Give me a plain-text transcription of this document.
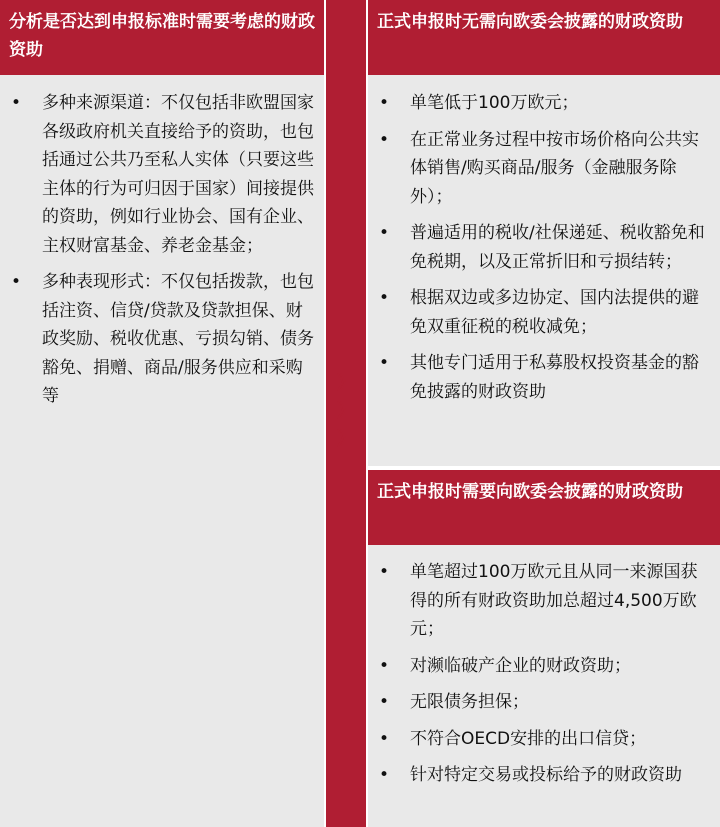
分析是否达到申报标准时需要考虑的财政资助
• 多种来源渠道：不仅包括非欧盟国家各级政府机关直接给予的资助，也包括通过公共乃至私人实体（只要这些主体的行为可归因于国家）间接提供的资助，例如行业协会、国有企业、主权财富基金、养老金基金；
• 多种表现形式：不仅包括拨款，也包括注资、信贷/贷款及贷款担保、财政奖励、税收优惠、亏损勾销、债务豁免、捐赠、商品/服务供应和采购等
》
》
》
正式申报时无需向欧委会披露的财政资助
• 单笔低于100万欧元；
• 在正常业务过程中按市场价格向公共实体销售/购买商品/服务（金融服务除外）；
• 普遍适用的税收/社保递延、税收豁免和免税期，以及正常折旧和亏损结转；
• 根据双边或多边协定、国内法提供的避免双重征税的税收减免；
• 其他专门适用于私募股权投资基金的豁免披露的财政资助
正式申报时需要向欧委会披露的财政资助
• 单笔超过100万欧元且从同一来源国获得的所有财政资助加总超过4,500万欧元；
• 对濒临破产企业的财政资助；
• 无限债务担保；
• 不符合OECD安排的出口信贷；
• 针对特定交易或投标给予的财政资助
